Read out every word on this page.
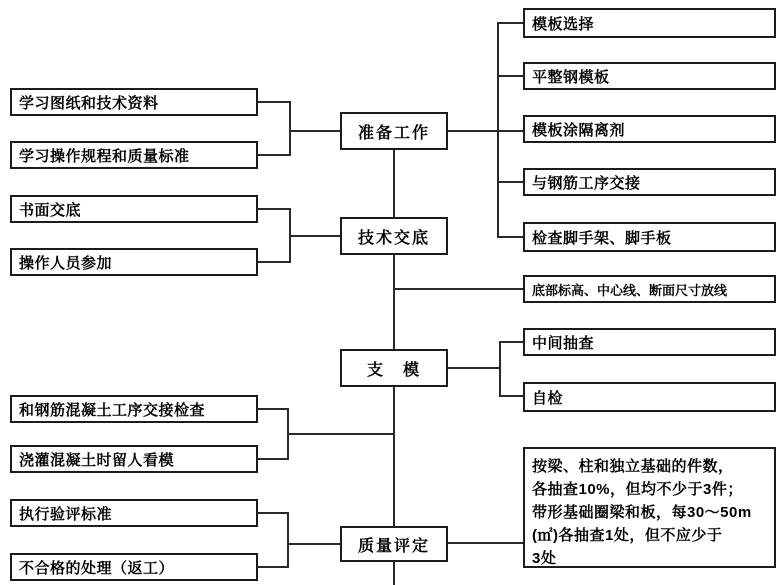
学习图纸和技术资料
学习操作规程和质量标准
书面交底
操作人员参加
和钢筋混凝土工序交接检查
浇灌混凝土时留人看模
执行验评标准
不合格的处理（返工）
准备工作
技术交底
支　模
质量评定
模板选择
平整钢模板
模板涂隔离剂
与钢筋工序交接
检查脚手架、脚手板
底部标高、中心线、断面尺寸放线
中间抽查
自检
按梁、柱和独立基础的件数，
各抽查10%，但均不少于3件；
带形基础圈梁和板，每30～50m
(㎡)各抽查1处，但不应少于
3处
